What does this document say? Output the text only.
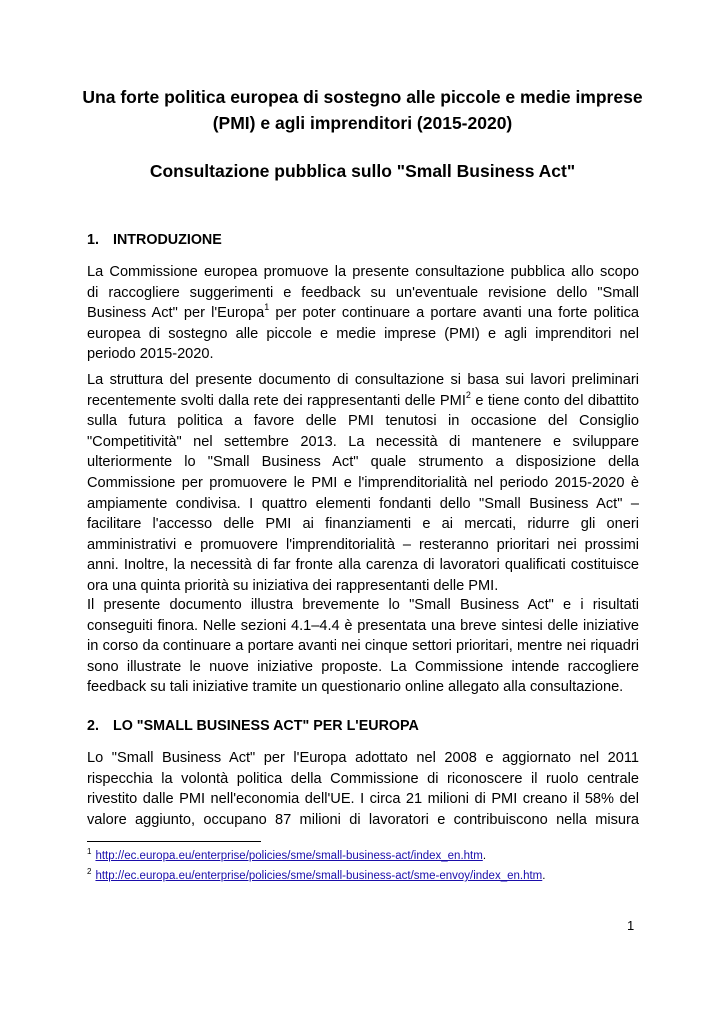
Una forte politica europea di sostegno alle piccole e medie imprese
(PMI) e agli imprenditori (2015-2020)
Consultazione pubblica sullo "Small Business Act"
1. INTRODUZIONE
La Commissione europea promuove la presente consultazione pubblica allo scopo
di raccogliere suggerimenti e feedback su un'eventuale revisione dello "Small
Business Act" per l'Europa$^1$ per poter continuare a portare avanti una forte politica
europea di sostegno alle piccole e medie imprese (PMI) e agli imprenditori nel
periodo 2015-2020.
La struttura del presente documento di consultazione si basa sui lavori preliminari
recentemente svolti dalla rete dei rappresentanti delle PMI$^2$ e tiene conto del dibattito
sulla futura politica a favore delle PMI tenutosi in occasione del Consiglio
"Competitività" nel settembre 2013. La necessità di mantenere e sviluppare
ulteriormente lo "Small Business Act" quale strumento a disposizione della
Commissione per promuovere le PMI e l'imprenditorialità nel periodo 2015-2020 è
ampiamente condivisa. I quattro elementi fondanti dello "Small Business Act" –
facilitare l'accesso delle PMI ai finanziamenti e ai mercati, ridurre gli oneri
amministrativi e promuovere l'imprenditorialità – resteranno prioritari nei prossimi
anni. Inoltre, la necessità di far fronte alla carenza di lavoratori qualificati costituisce
ora una quinta priorità su iniziativa dei rappresentanti delle PMI.
Il presente documento illustra brevemente lo "Small Business Act" e i risultati
conseguiti finora. Nelle sezioni 4.1–4.4 è presentata una breve sintesi delle iniziative
in corso da continuare a portare avanti nei cinque settori prioritari, mentre nei riquadri
sono illustrate le nuove iniziative proposte. La Commissione intende raccogliere
feedback su tali iniziative tramite un questionario online allegato alla consultazione.
2. LO "SMALL BUSINESS ACT" PER L'EUROPA
Lo "Small Business Act" per l'Europa adottato nel 2008 e aggiornato nel 2011
rispecchia la volontà politica della Commissione di riconoscere il ruolo centrale
rivestito dalle PMI nell'economia dell'UE. I circa 21 milioni di PMI creano il 58% del
valore aggiunto, occupano 87 milioni di lavoratori e contribuiscono nella misura
$^1$ http://ec.europa.eu/enterprise/policies/sme/small-business-act/index_en.htm.
$^2$ http://ec.europa.eu/enterprise/policies/sme/small-business-act/sme-envoy/index_en.htm.
1
